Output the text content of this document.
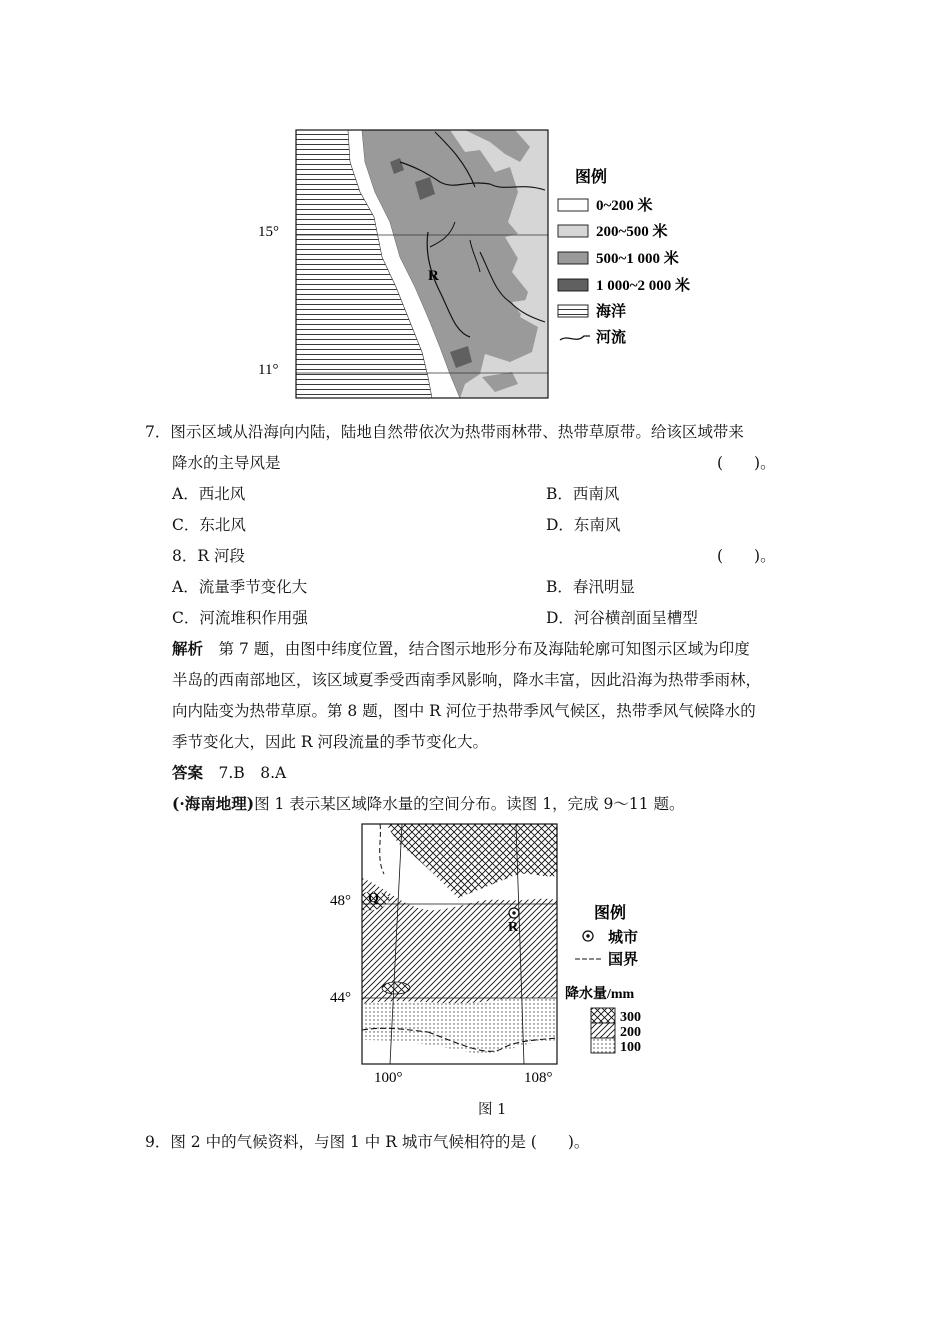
15°
11°
R
图例
0~200 米
200~500 米
500~1 000 米
1 000~2 000 米
海洋
河流
7．图示区域从沿海向内陆，陆地自然带依次为热带雨林带、热带草原带。给该区域带来
降水的主导风是	(　　)。
A．西北风	B．西南风
C．东北风	D．东南风
8．R 河段	(　　)。
A．流量季节变化大	B．春汛明显
C．河流堆积作用强	D．河谷横剖面呈槽型
解析　 第 7 题，由图中纬度位置，结合图示地形分布及海陆轮廓可知图示区域为印度
半岛的西南部地区，该区域夏季受西南季风影响，降水丰富，因此沿海为热带季雨林，
向内陆变为热带草原。第 8 题，图中 R 河位于热带季风气候区，热带季风气候降水的
季节变化大，因此 R 河段流量的季节变化大。
答案　 7.B　8.A
(·海南地理)图 1 表示某区域降水量的空间分布。读图 1，完成 9～11 题。
R
Q
48°
44°
100°	108°
图例
城市
国界
降水量/mm
300
200
100
图 1
9．图 2 中的气候资料，与图 1 中 R 城市气候相符的是 (　　)。
